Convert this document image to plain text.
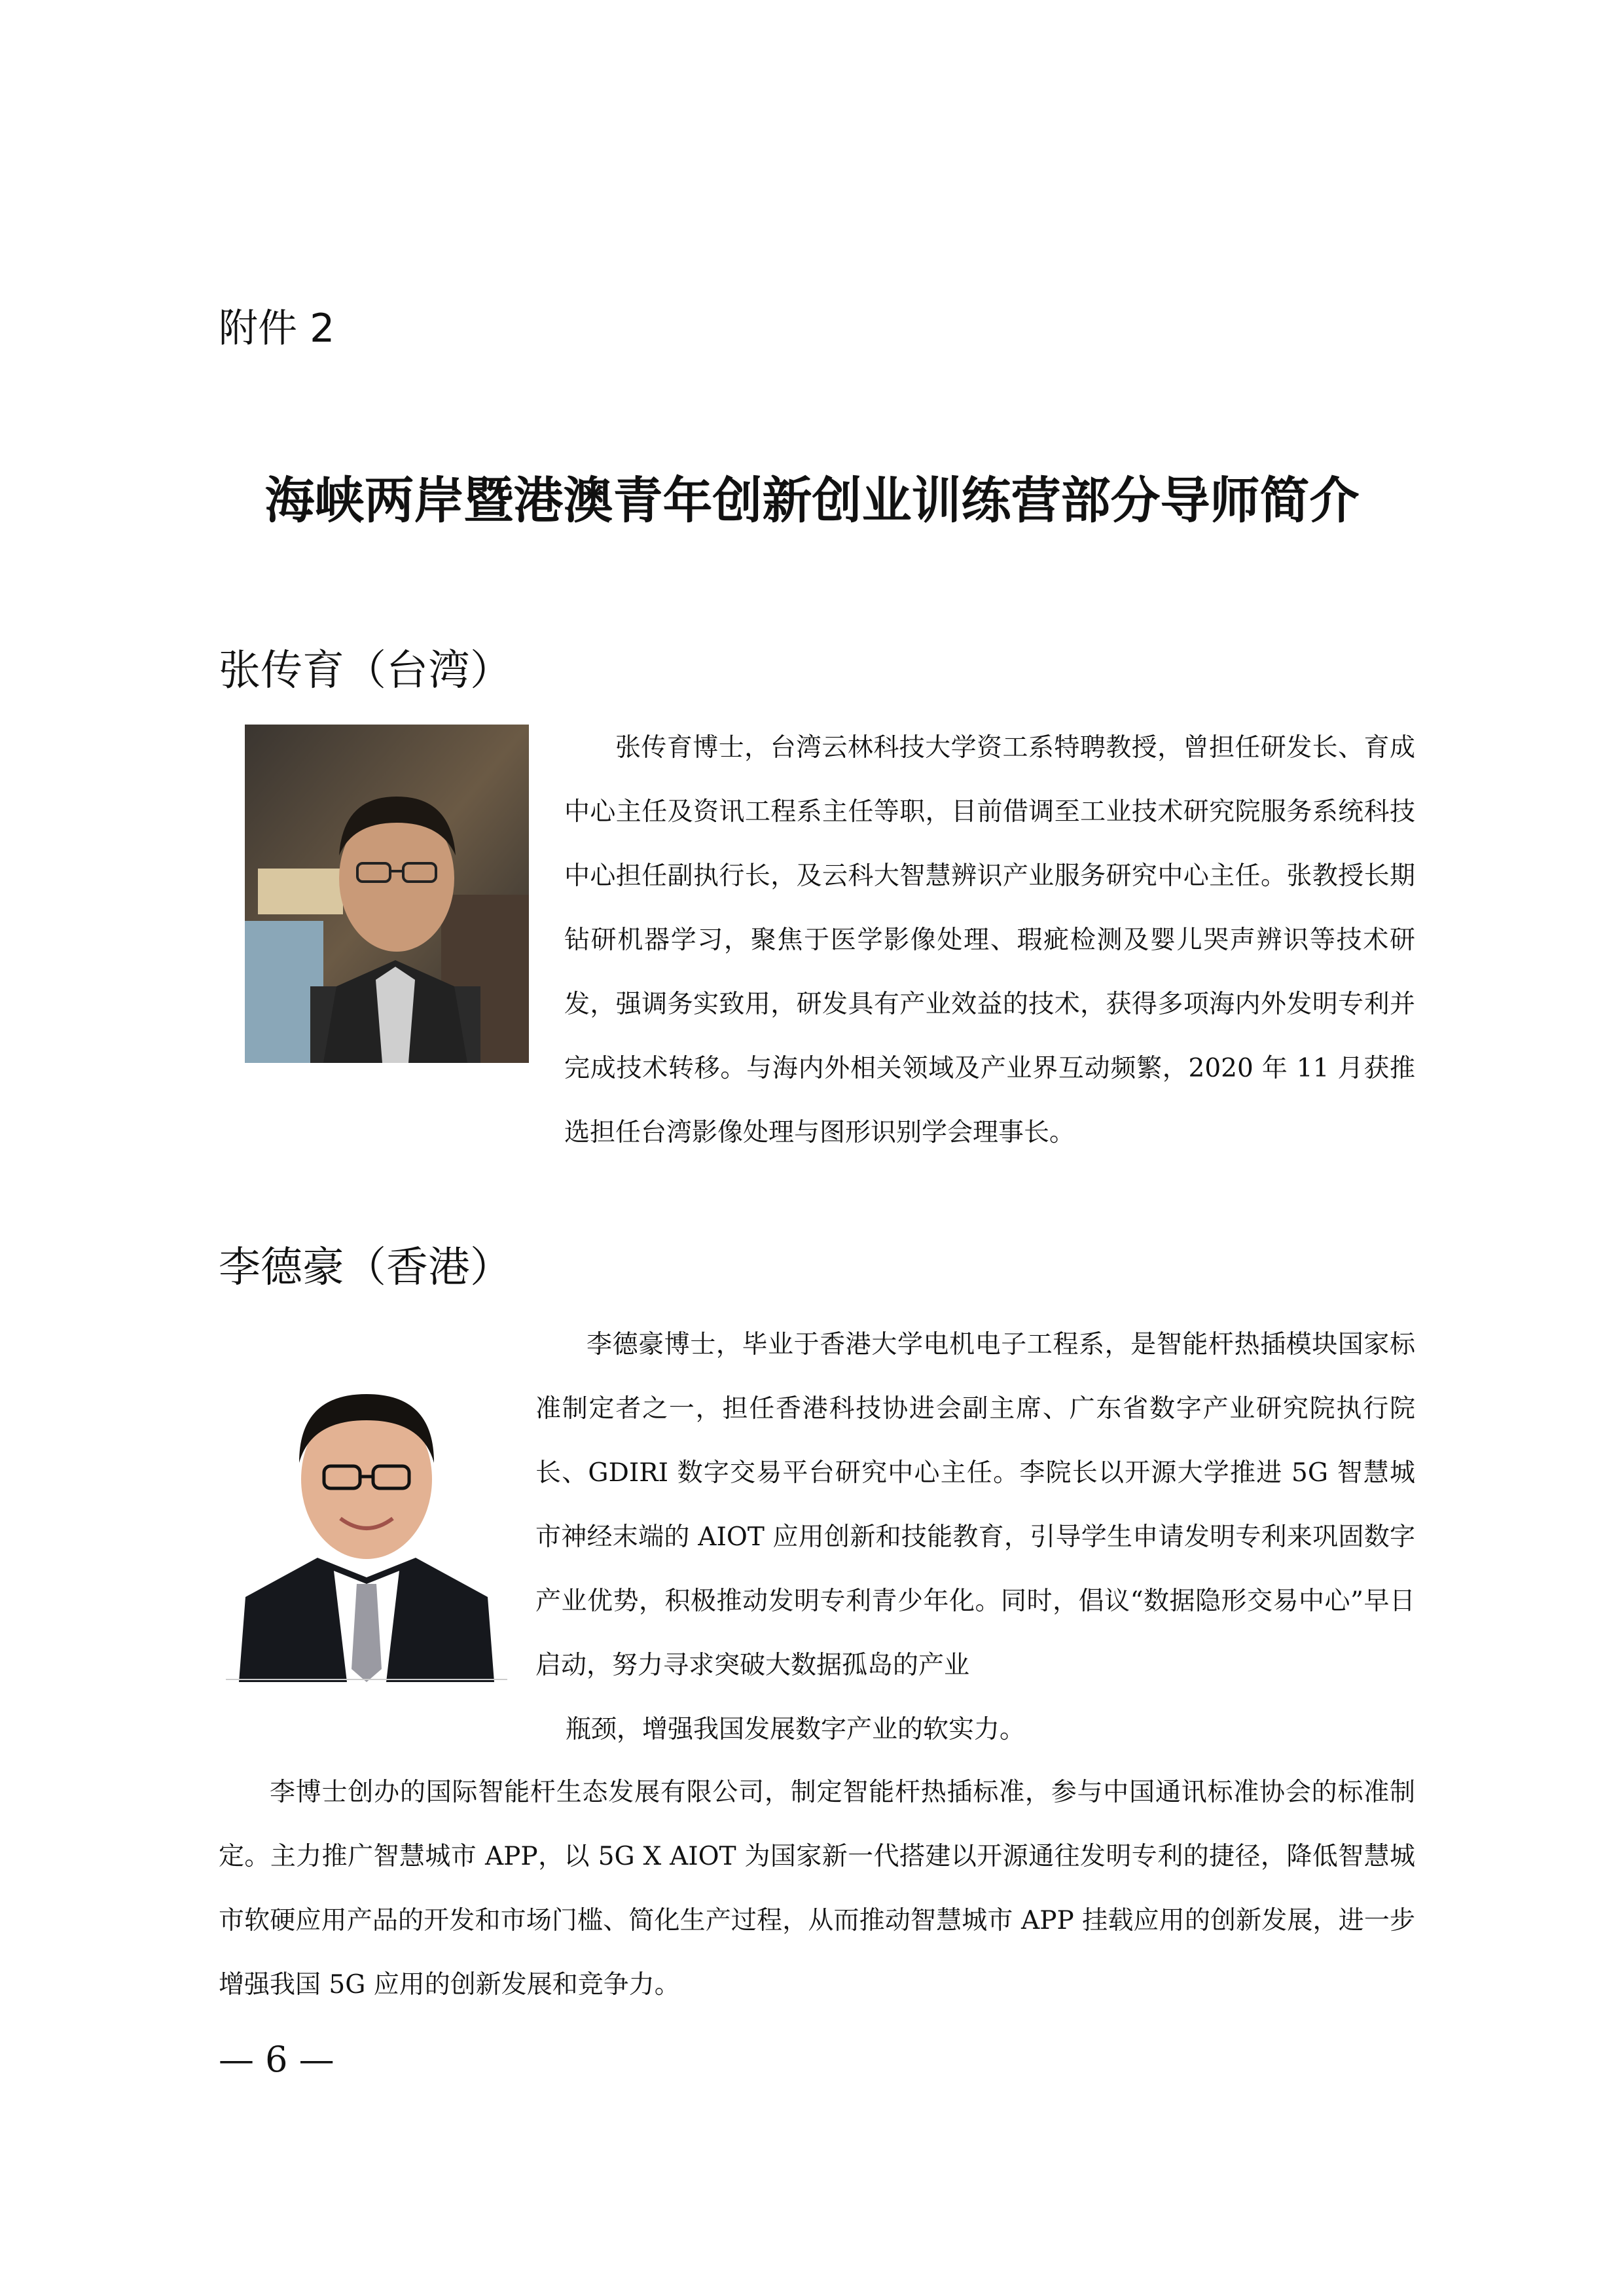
附件 2
海峡两岸暨港澳青年创新创业训练营部分导师简介
张传育（台湾）

张传育博士，台湾云林科技大学资工系特聘教授，曾担任研发长、育成中心主任及资讯工程系主任等职，目前借调至工业技术研究院服务系统科技中心担任副执行长，及云科大智慧辨识产业服务研究中心主任。张教授长期钻研机器学习，聚焦于医学影像处理、瑕疵检测及婴儿哭声辨识等技术研发，强调务实致用，研发具有产业效益的技术，获得多项海内外发明专利并完成技术转移。与海内外相关领域及产业界互动频繁，2020 年 11 月获推选担任台湾影像处理与图形识别学会理事长。

李德豪（香港）

李德豪博士，毕业于香港大学电机电子工程系，是智能杆热插模块国家标准制定者之一，担任香港科技协进会副主席、广东省数字产业研究院执行院长、GDIRI 数字交易平台研究中心主任。李院长以开源大学推进 5G 智慧城市神经末端的 AIOT 应用创新和技能教育，引导学生申请发明专利来巩固数字产业优势，积极推动发明专利青少年化。同时，倡议“数据隐形交易中心”早日启动，努力寻求突破大数据孤岛的产业

瓶颈，增强我国发展数字产业的软实力。

李博士创办的国际智能杆生态发展有限公司，制定智能杆热插标准，参与中国通讯标准协会的标准制定。主力推广智慧城市 APP，以 5G X AIOT 为国家新一代搭建以开源通往发明专利的捷径，降低智慧城市软硬应用产品的开发和市场门槛、简化生产过程，从而推动智慧城市 APP 挂载应用的创新发展，进一步增强我国 5G 应用的创新发展和竞争力。

— 6 —
